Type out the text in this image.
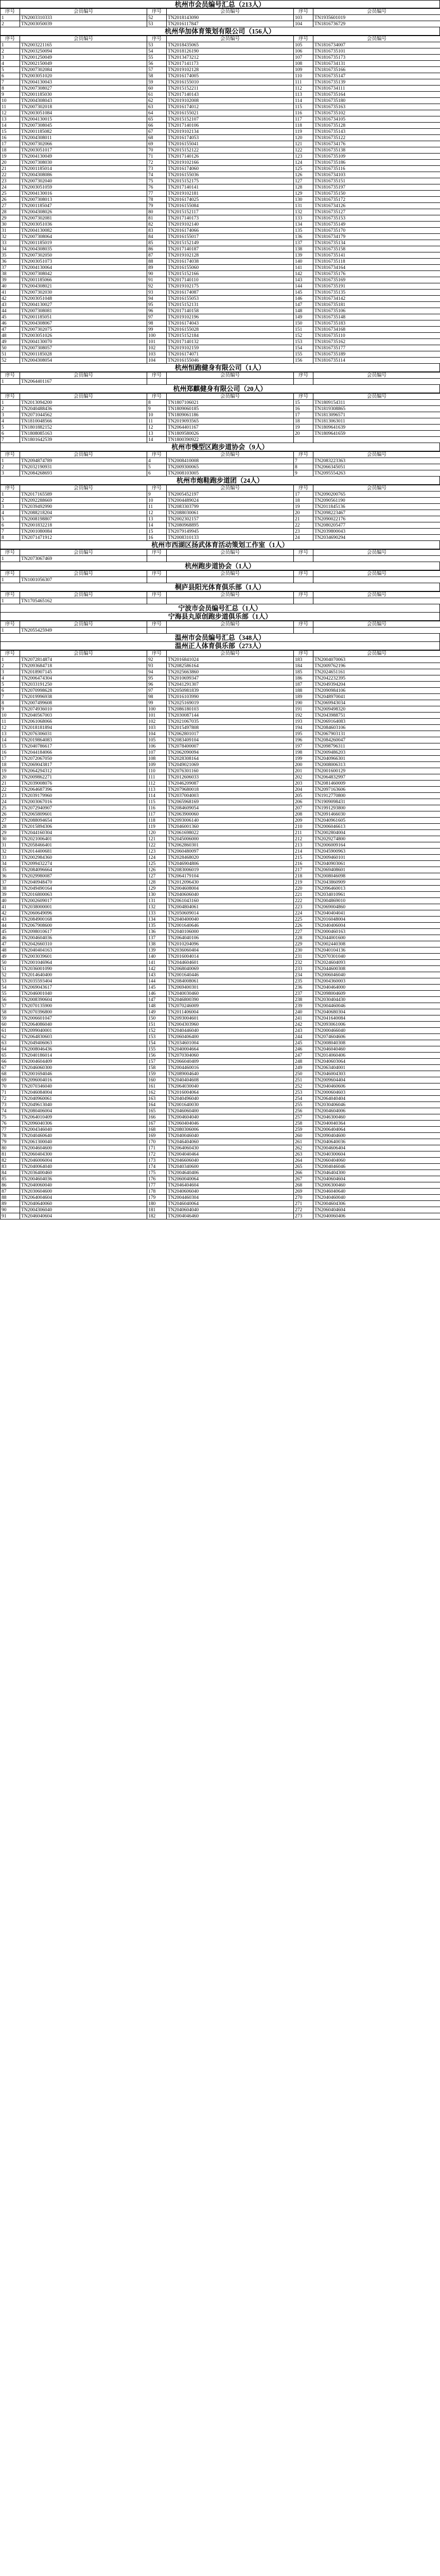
杭州市会员编号汇总（213人）
序号	会员编号	序号	会员编号	序号	会员编号
1	TN2003310333	52	TN2018143090	103	TN1935601019
2	TN2003050039	53	TN2016117847	104	TN1816736729
杭州华加体育策划有限公司（156人）
序号	会员编号	序号	会员编号	序号	会员编号
1	TN2003221165	53	TN2018435065	105	TN1816734007
2	TN2003250094	54	TN2018126190	106	TN1816735101
3	TN2001250049	55	TN2013473212	107	TN1816735173
4	TN2002150049	56	TN2017141173	108	TN1816734131
5	TN2007302084	57	TN2019102128	109	TN1816735166
6	TN2003051020	58	TN2016174005	110	TN1816735147
7	TN2004130043	59	TN2016155010	111	TN1816735139
8	TN2007308027	60	TN2015152211	112	TN1816734111
9	TN2001185030	61	TN2017140143	113	TN1816735164
10	TN2004308043	62	TN2019102008	114	TN1816735180
11	TN2007302018	63	TN2016174012	115	TN1816735163
12	TN2003051084	64	TN2016155021	116	TN1816735102
13	TN2004130015	65	TN2015152107	117	TN1816734105
14	TN2007308045	66	TN2017140106	118	TN1816735128
15	TN2001185082	67	TN2019102134	119	TN1816735143
16	TN2004308011	68	TN2016174053	120	TN1816735122
17	TN2007302066	69	TN2016155041	121	TN1816734176
18	TN2003051017	70	TN2015152122	122	TN1816735138
19	TN2004130049	71	TN2017140126	123	TN1816735109
20	TN2007308030	72	TN2019102166	124	TN1816735186
21	TN2001185014	73	TN2016174060	125	TN1816735116
22	TN2004308086	74	TN2016155036	126	TN1816734103
23	TN2007302040	75	TN2015152175	127	TN1816735151
24	TN2003051059	76	TN2017140141	128	TN1816735197
25	TN2004130016	77	TN2019102181	129	TN1816735150
26	TN2007308013	78	TN2016174025	130	TN1816735172
27	TN2001185047	79	TN2016155084	131	TN1816734126
28	TN2004308026	80	TN2015152117	132	TN1816735127
29	TN2007302081	81	TN2017140173	133	TN1816735153
30	TN2003051036	82	TN2019102140	134	TN1816735149
31	TN2004130082	83	TN2016174066	135	TN1816735170
32	TN2007308064	84	TN2016155017	136	TN1816734179
33	TN2001185019	85	TN2015152149	137	TN1816735134
34	TN2004308035	86	TN2017140187	138	TN1816735158
35	TN2007302050	87	TN2019102128	139	TN1816735141
36	TN2003051073	88	TN2016174038	140	TN1816735118
37	TN2004130064	89	TN2016155060	141	TN1816734164
38	TN2007308042	90	TN2015152166	142	TN1816735176
39	TN2001185066	91	TN2017140110	143	TN1816735169
40	TN2004308021	92	TN2019102175	144	TN1816735191
41	TN2007302030	93	TN2016174087	145	TN1816735135
42	TN2003051048	94	TN2016155053	146	TN1816734142
43	TN2004130027	95	TN2015152131	147	TN1816735181
44	TN2007308081	96	TN2017140158	148	TN1816735106
45	TN2001185051	97	TN2019102196	149	TN1816735148
46	TN2004308067	98	TN2016174043	150	TN1816735183
47	TN2007302075	99	TN2016155028	151	TN1816734168
48	TN2003051026	100	TN2015152184	152	TN1816735110
49	TN2004130070	101	TN2017140132	153	TN1816735162
50	TN2007308057	102	TN2019102159	154	TN1816735177
51	TN2001185028	103	TN2016174071	155	TN1816735189
52	TN2004308054	104	TN2016155046	156	TN1816735114
杭州恒跑健身有限公司（1人）
序号	会员编号	序号	会员编号	序号	会员编号
1	TN2064401167				
杭州郑麒健身有限公司（20人）
序号	会员编号	序号	会员编号	序号	会员编号
1	TN2013094200	8	TN1807106021	15	TN1809154311
2	TN2040488436	9	TN1809060185	16	TN1819308865
3	TN2071044562	10	TN1809061186	17	TN1813096571
4	TN1810048566	11	TN2019093565	18	TN1813063011
5	TN1801882152	12	TN2064401167	19	TN1809641639
6	TN1808085163	13	TN1809580026	20	TN1809641659
7	TN1801642539	14	TN1800390922		
杭州市慢型区跑步道协会（9人）
序号	会员编号	序号	会员编号	序号	会员编号
1	TN2094874789	4	TN2008410008	7	TN2083223363
2	TN2032190931	5	TN2009300065	8	TN2066345051
3	TN2084268693	6	TN2008103005	9	TN2095554263
杭州市炮鞋跑步道团（24人）
序号	会员编号	序号	会员编号	序号	会员编号
1	TN2017165589	9	TN2005452197	17	TN2090200765
2	TN2092288669	10	TN2004489024	18	TN2090561190
3	TN2039492990	11	TN2083303799	19	TN2011845136
4	TN2088218204	12	TN2088030061	20	TN2098223467
5	TN2008198807	13	TN2002302157	21	TN2090022176
6	TN2001832218	14	TN2080968895	22	TN2080205477
7	TN2001080084	15	TN2079149945	23	TN2039800043
8	TN2071471912	16	TN2008310133	24	TN2034690294
杭州市西湖区扬武体育活动策划工作室（1人）
序号	会员编号	序号	会员编号	序号	会员编号
1	TN2073067469				
杭州跑步道协会（1人）
序号	会员编号	序号	会员编号	序号	会员编号
1	TN1001056307				
桐庐县阳光体育俱乐部（1人）
序号	会员编号	序号	会员编号	序号	会员编号
1	TN1705465162				
宁波市会员编号汇总（1人）
宁海县丸原创跑步道俱乐部（1人）
序号	会员编号	序号	会员编号	序号	会员编号
1	TN2055425949				
温州市会员编号汇总（348人）
温州正人体育俱乐部（273人）
序号	会员编号	序号	会员编号	序号	会员编号
1	TN2072814874	92	TN2016841024	183	TN2004070063
2	TN2093684718	93	TN2082586164	184	TN2009762196
3	TN2018907145	94	TN2025663860	185	TN2024651161
4	TN2006474304	95	TN2010699347	186	TN2042232395
5	TN2033191250	96	TN2041291307	187	TN2049394204
6	TN2070998628	97	TN2050981839	188	TN2090984106
7	TN2019996938	98	TN2016103990	189	TN2048970041
8	TN2007499608	99	TN2025169019	190	TN2069943034
9	TN2074936010	100	TN2086180103	191	TN2009498320
10	TN2040567003	101	TN2030087144	192	TN2043988751
11	TN2061068066	102	TN2021067035	193	TN2069164083
12	TN2018181894	103	TN2015497808	194	TN2084603106
13	TN2076306031	104	TN2062801017	195	TN2067903131
14	TN2019864083	105	TN2083409104	196	TN2084260047
15	TN2040786617	106	TN2078400007	197	TN2098796311
16	TN2044184066	107	TN2062090094	198	TN2009486203
17	TN2072067050	108	TN2028308164	199	TN2040966301
18	TN2069043817	109	TN2049021069	200	TN2008006313
19	TN2064294312	110	TN2076301160	201	TN2001600129
20	TN2009862271	111	TN2012606033	202	TN2064832997
21	TN2039008076	112	TN2046209087	203	TN2081460009
22	TN2064687396	113	TN2079680018	204	TN2097163606
23	TN2039179960	114	TN2037004003	205	TN1912770800
24	TN2003067016	115	TN2065968169	206	TN1909098431
25	TN2072940907	116	TN2084609054	207	TN1991293800
26	TN2065809601	117	TN2063900060	208	TN2091466030
27	TN2088094654	118	TN2093006140	209	TN2040961605
28	TN2015894306	119	TN2046001360	210	TN2006046613
29	TN2044160304	120	TN2061698022	211	TN2002804004
30	TN2021006401	121	TN2045006000	212	TN2029274800
31	TN2058466401	122	TN2062860301	213	TN2006009164
32	TN2014400681	123	TN2060480097	214	TN2045900963
33	TN2002984360	124	TN2028468020	215	TN2009460101
34	TN2099432274	125	TN2046904806	216	TN2040903061
35	TN2084096664	126	TN2083006019	217	TN2069408601
36	TN2029980087	127	TN2064179104	218	TN2008046098
37	TN2040948470	128	TN2012096430	219	TN2043860909
38	TN2049490164	129	TN2004608004	220	TN2096460013
39	TN2016800063	130	TN2040606040	221	TN2034010961
40	TN2002609017	131	TN2061043160	222	TN2004869010
41	TN2038000001	132	TN2004804061	223	TN2069004860
42	TN2060649096	133	TN2050609014	224	TN2040404041
43	TN2084900168	134	TN2040400040	225	TN2016048004
44	TN2067908600	135	TN2001640646	226	TN2040406004
45	TN2098010617	136	TN2040106000	227	TN2000460163
46	TN2004604036	137	TN2064040106	228	TN2044001600
47	TN2042660310	138	TN2010204096	229	TN2002440308
48	TN2040404163	139	TN2036060404	230	TN2040104136
49	TN2003039601	140	TN2016004014	231	TN2070301040
50	TN2001046964	141	TN2044604601	232	TN2024604093
51	TN2036001090	142	TN2068040069	233	TN2044600308
52	TN2014640400	143	TN2001640446	234	TN2006046040
53	TN2035593404	144	TN2084008061	235	TN2004360003
54	TN2069043617	145	TN2069400301	236	TN2040464000
55	TN2046001040	146	TN2040030460	237	TN2098004609
56	TN2008390604	147	TN2046800390	238	TN2030404430
57	TN2070135900	148	TN2070246009	239	TN2004460046
58	TN2070396800	149	TN2011406004	240	TN2040680304
59	TN2006601047	150	TN2093004601	241	TN2041640084
60	TN2064086040	151	TN2004303960	242	TN2093061006
61	TN2099040001	152	TN2040446040	243	TN2000466040
62	TN2064830603	153	TN2060406400	244	TN2074604606
63	TN2049406063	154	TN2034601004	245	TN2008040308
64	TN2008046436	155	TN2040004664	246	TN2046040460
65	TN2040186014	156	TN2070304060	247	TN2014060406
66	TN2004604409	157	TN2066040409	248	TN2040603064
67	TN2046060300	158	TN2004460016	249	TN2063404001
68	TN2001694046	159	TN2089004640	250	TN2046004303
69	TN2096004016	160	TN2040404608	251	TN2009604404
70	TN2070346040	161	TN2064030040	252	TN2040460606
71	TN2046084004	162	TN2016004064	253	TN2000604603
72	TN2040960061	163	TN2040496040	254	TN2064040404
73	TN2049613040	164	TN2001640030	255	TN2030406046
74	TN2080406004	165	TN2046060400	256	TN2004604006
75	TN2064010409	166	TN2004604040	257	TN2046300460
76	TN2096040306	167	TN2060404046	258	TN2040040364
77	TN2004346040	168	TN2080306006	259	TN2006404064
78	TN2040460640	169	TN2040046040	260	TN2090404600
79	TN2061300040	170	TN2046404060	261	TN2040640036
80	TN2004604600	171	TN2064060430	262	TN2004606404
81	TN2060404300	172	TN2004040464	263	TN2040300604
82	TN2046006004	173	TN2046606040	264	TN2060404060
83	TN2040064040	174	TN2040340600	265	TN2004046046
84	TN2036400460	175	TN2004640406	266	TN2046404300
85	TN2004604036	176	TN2060040064	267	TN2040604604
86	TN2040060040	177	TN2046404604	268	TN2006300460
87	TN2030604600	178	TN2040606040	269	TN2046040640
88	TN2064004604	179	TN2004460304	270	TN2040460040
89	TN2040640060	180	TN2046040064	271	TN2004604306
90	TN2004306040	181	TN2040604040	272	TN2060404604
91	TN2046040604	182	TN2004046460	273	TN2040060406
